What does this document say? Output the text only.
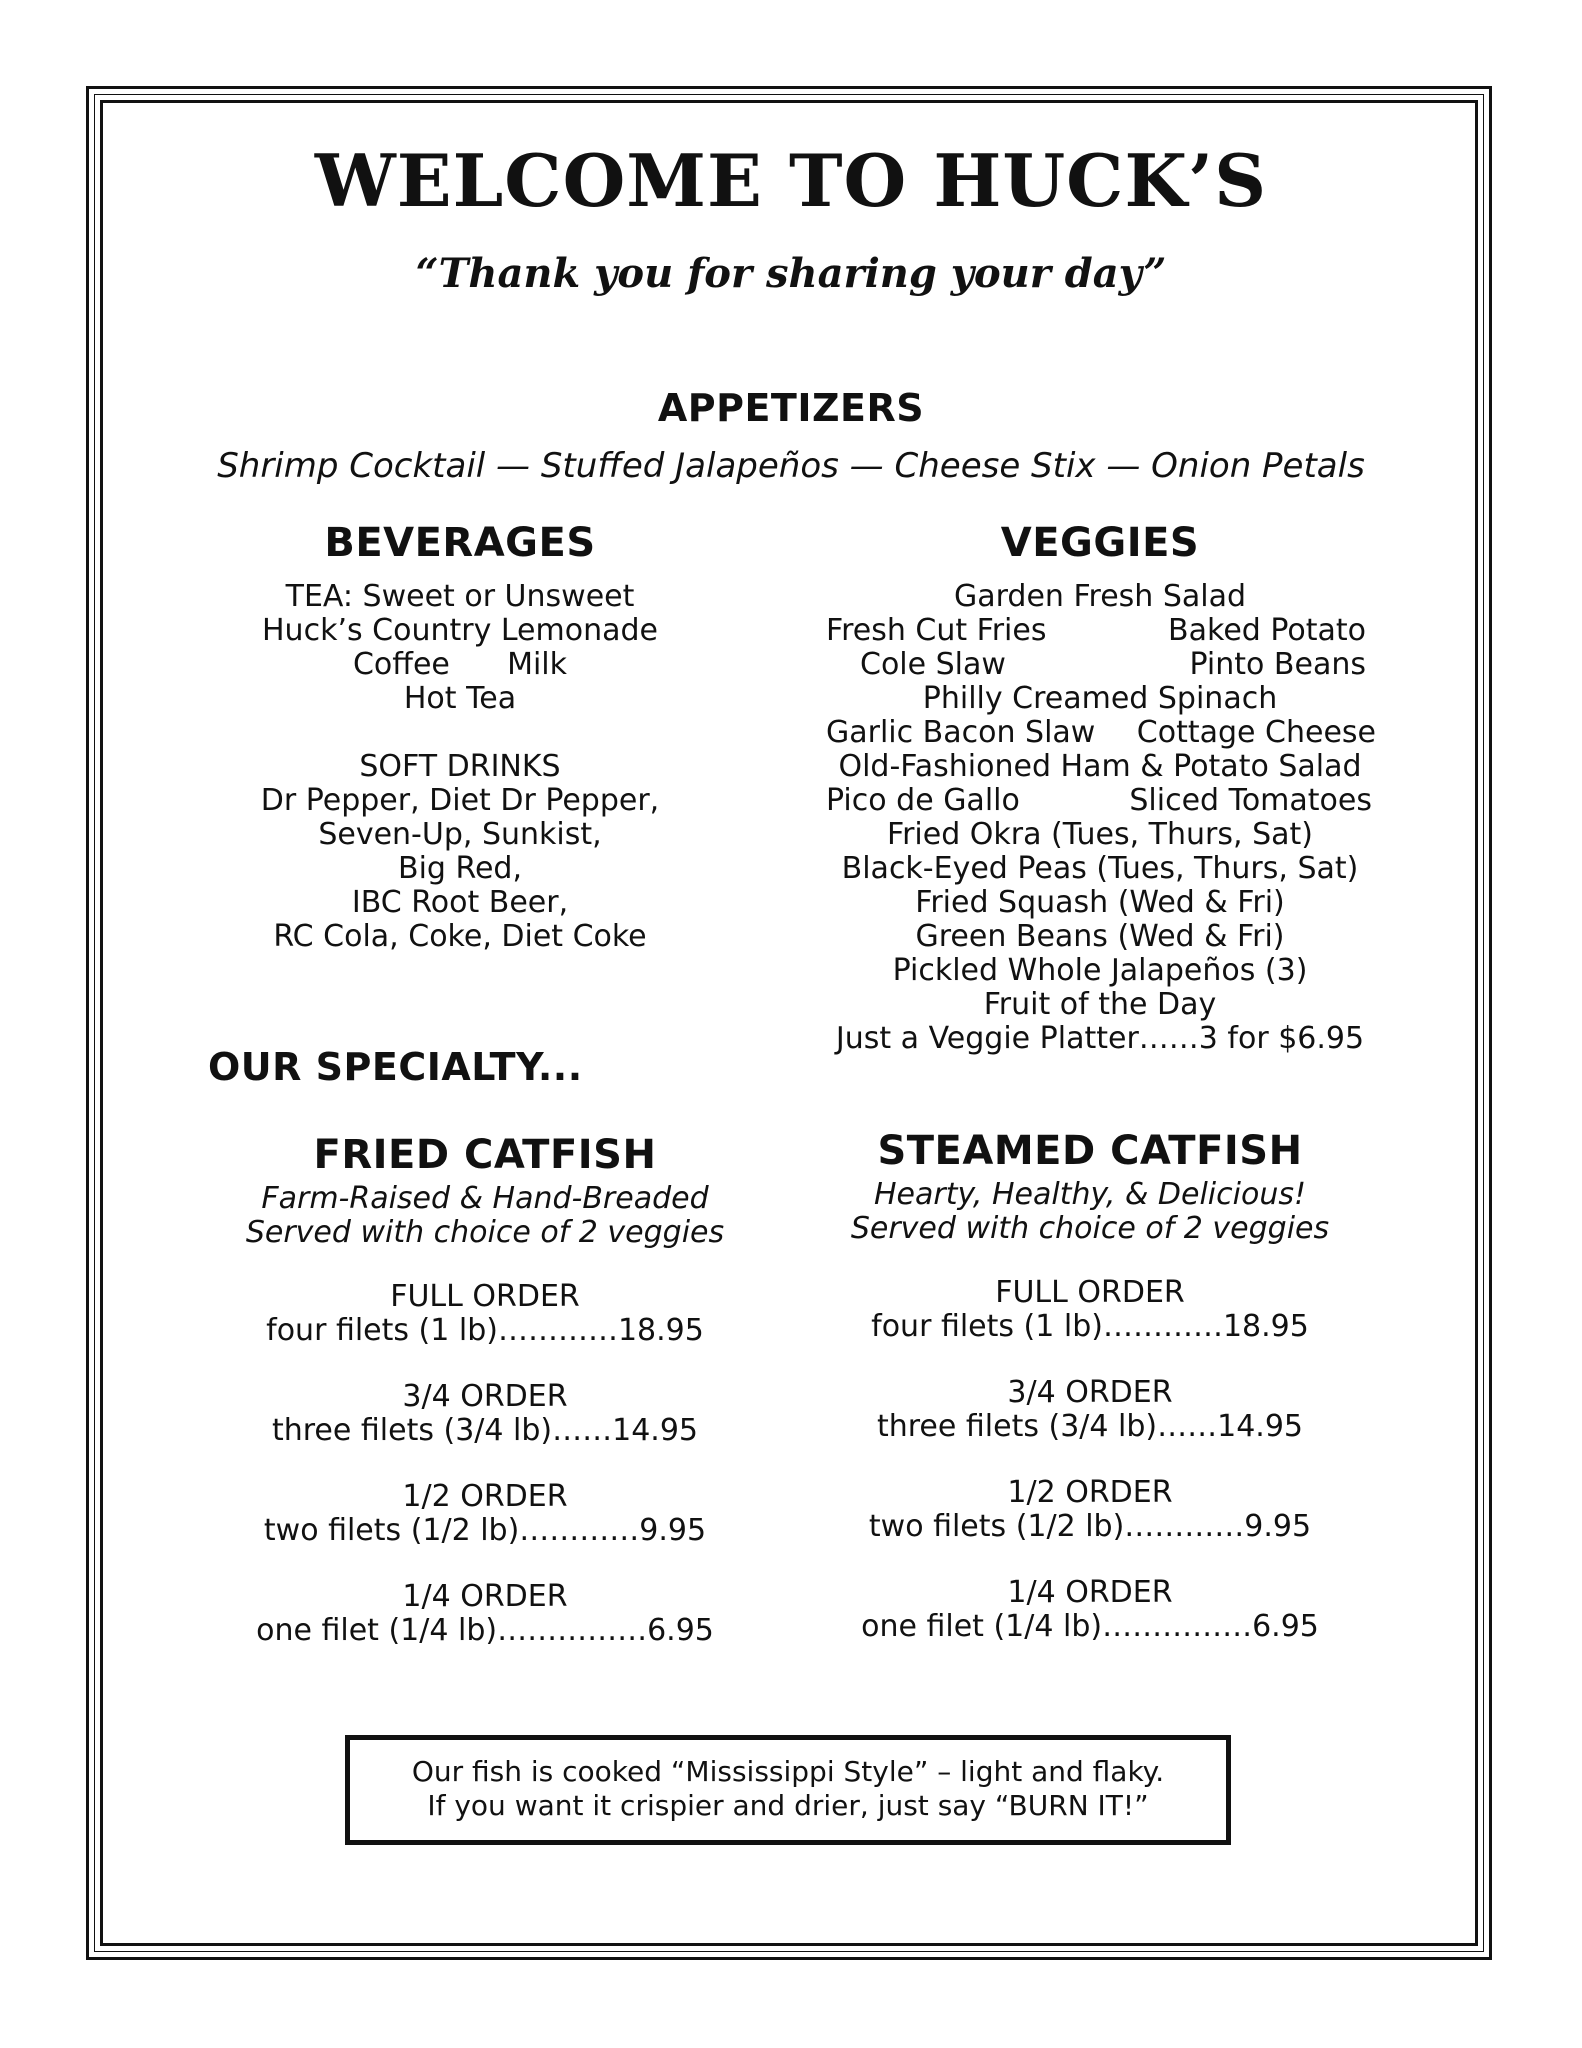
WELCOME TO HUCK’S
“Thank you for sharing your day”
APPETIZERS
Shrimp Cocktail — Stuffed Jalapeños — Cheese Stix — Onion Petals
BEVERAGES
TEA: Sweet or Unsweet
Huck’s Country Lemonade
Coffee      Milk
Hot Tea
SOFT DRINKS
Dr Pepper, Diet Dr Pepper,
Seven-Up, Sunkist,
Big Red,
IBC Root Beer,
RC Cola, Coke, Diet Coke
VEGGIES
Garden Fresh Salad
Fresh Cut Fries	Baked Potato
Cole Slaw	Pinto Beans
Philly Creamed Spinach
Garlic Bacon Slaw Cottage Cheese
Old-Fashioned Ham & Potato Salad
Pico de Gallo	Sliced Tomatoes
Fried Okra (Tues, Thurs, Sat)
Black-Eyed Peas (Tues, Thurs, Sat)
Fried Squash (Wed & Fri)
Green Beans (Wed & Fri)
Pickled Whole Jalapeños (3)
Fruit of the Day
Just a Veggie Platter……3 for $6.95
OUR SPECIALTY...
FRIED CATFISH
Farm-Raised & Hand-Breaded
Served with choice of 2 veggies
FULL ORDER
four filets (1 lb)…………18.95
3/4 ORDER
three filets (3/4 lb)……14.95
1/2 ORDER
two filets (1/2 lb)…………9.95
1/4 ORDER
one filet (1/4 lb)……………6.95
STEAMED CATFISH
Hearty, Healthy, & Delicious!
Served with choice of 2 veggies
FULL ORDER
four filets (1 lb)…………18.95
3/4 ORDER
three filets (3/4 lb)……14.95
1/2 ORDER
two filets (1/2 lb)…………9.95
1/4 ORDER
one filet (1/4 lb)……………6.95
Our fish is cooked “Mississippi Style” – light and flaky.
If you want it crispier and drier, just say “BURN IT!”
